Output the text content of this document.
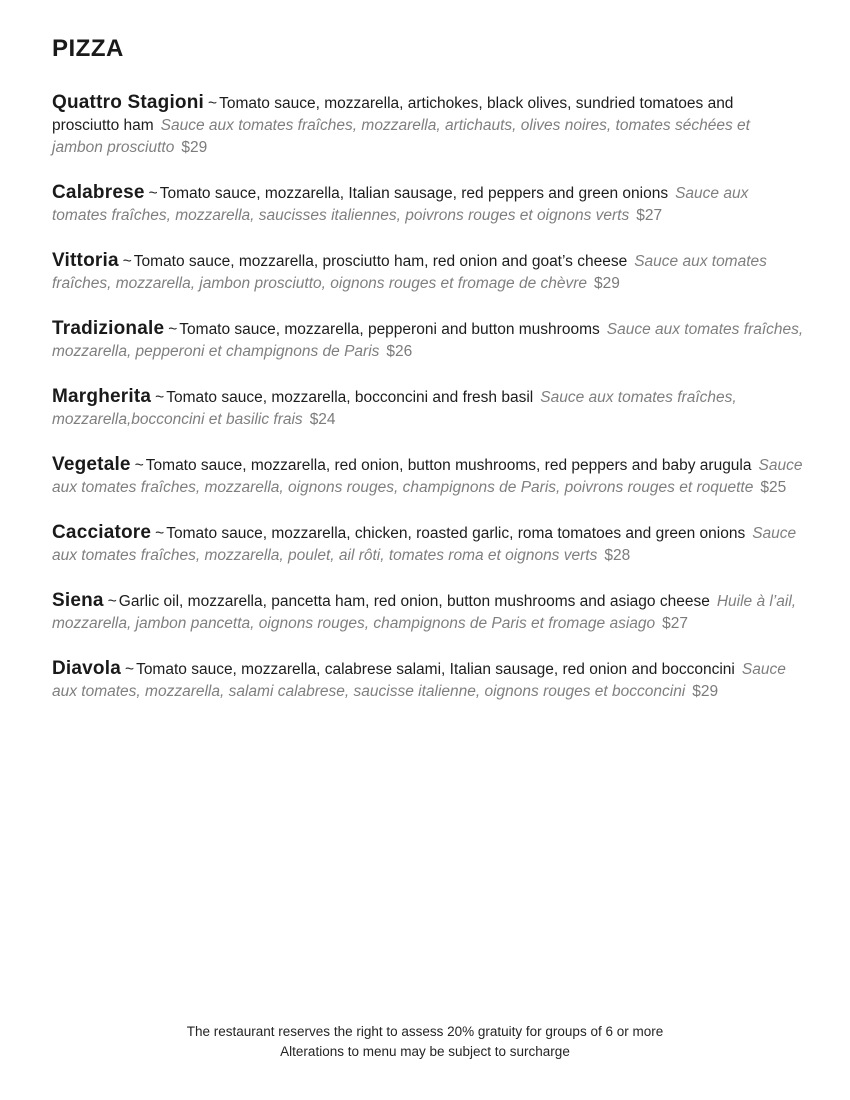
PIZZA

Quattro Stagioni ~ Tomato sauce, mozzarella, artichokes, black olives, sundried tomatoes and prosciutto ham Sauce aux tomates fraîches, mozzarella, artichauts, olives noires, tomates séchées et jambon prosciutto $29

Calabrese ~ Tomato sauce, mozzarella, Italian sausage, red peppers and green onions Sauce aux tomates fraîches, mozzarella, saucisses italiennes, poivrons rouges et oignons verts $27

Vittoria ~ Tomato sauce, mozzarella, prosciutto ham, red onion and goat’s cheese Sauce aux tomates fraîches, mozzarella, jambon prosciutto, oignons rouges et fromage de chèvre $29

Tradizionale ~ Tomato sauce, mozzarella, pepperoni and button mushrooms Sauce aux tomates fraîches, mozzarella, pepperoni et champignons de Paris $26

Margherita ~ Tomato sauce, mozzarella, bocconcini and fresh basil Sauce aux tomates fraîches, mozzarella,bocconcini et basilic frais $24

Vegetale ~ Tomato sauce, mozzarella, red onion, button mushrooms, red peppers and baby arugula Sauce aux tomates fraîches, mozzarella, oignons rouges, champignons de Paris, poivrons rouges et roquette $25

Cacciatore ~ Tomato sauce, mozzarella, chicken, roasted garlic, roma tomatoes and green onions Sauce aux tomates fraîches, mozzarella, poulet, ail rôti, tomates roma et oignons verts $28

Siena ~ Garlic oil, mozzarella, pancetta ham, red onion, button mushrooms and asiago cheese Huile à l’ail, mozzarella, jambon pancetta, oignons rouges, champignons de Paris et fromage asiago $27

Diavola ~ Tomato sauce, mozzarella, calabrese salami, Italian sausage, red onion and bocconcini Sauce aux tomates, mozzarella, salami calabrese, saucisse italienne, oignons rouges et bocconcini $29

The restaurant reserves the right to assess 20% gratuity for groups of 6 or more
Alterations to menu may be subject to surcharge
